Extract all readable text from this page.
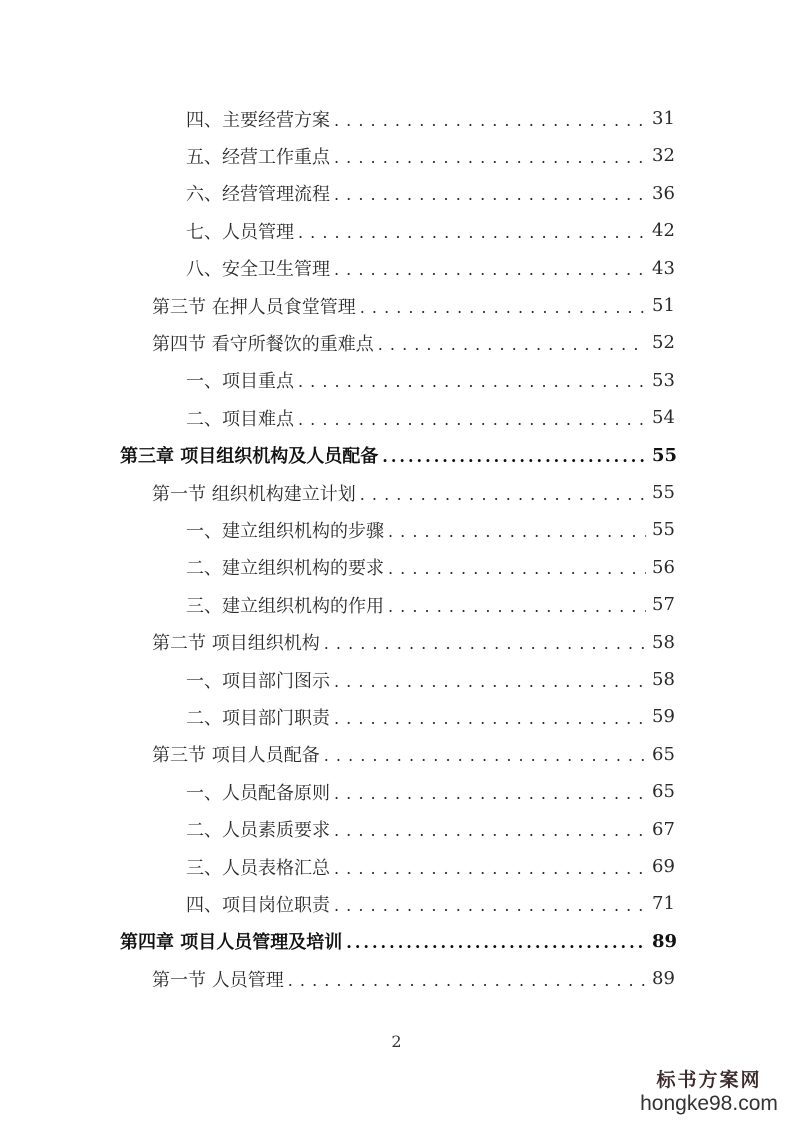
四、主要经营方案 . . .	31
五、经营工作重点 . . .	32
六、经营管理流程 . . .	36
七、人员管理 . . .	42
八、安全卫生管理 . . .	43
第三节 在押人员食堂管理 . . .	51
第四节 看守所餐饮的重难点 . . .	52
一、项目重点 . . .	53
二、项目难点 . . .	54
第三章 项目组织机构及人员配备 .....	55
第一节 组织机构建立计划 . . .	55
一、建立组织机构的步骤 . . .	55
二、建立组织机构的要求 . . .	56
三、建立组织机构的作用 . . .	57
第二节 项目组织机构 . . .	58
一、项目部门图示 . . .	58
二、项目部门职责 . . .	59
第三节 项目人员配备 . . .	65
一、人员配备原则 . . .	65
二、人员素质要求 . . .	67
三、人员表格汇总 . . .	69
四、项目岗位职责 . . .	71
第四章 项目人员管理及培训 .....	89
第一节 人员管理 . . .	89
2
标书方案网
hongke98.com
